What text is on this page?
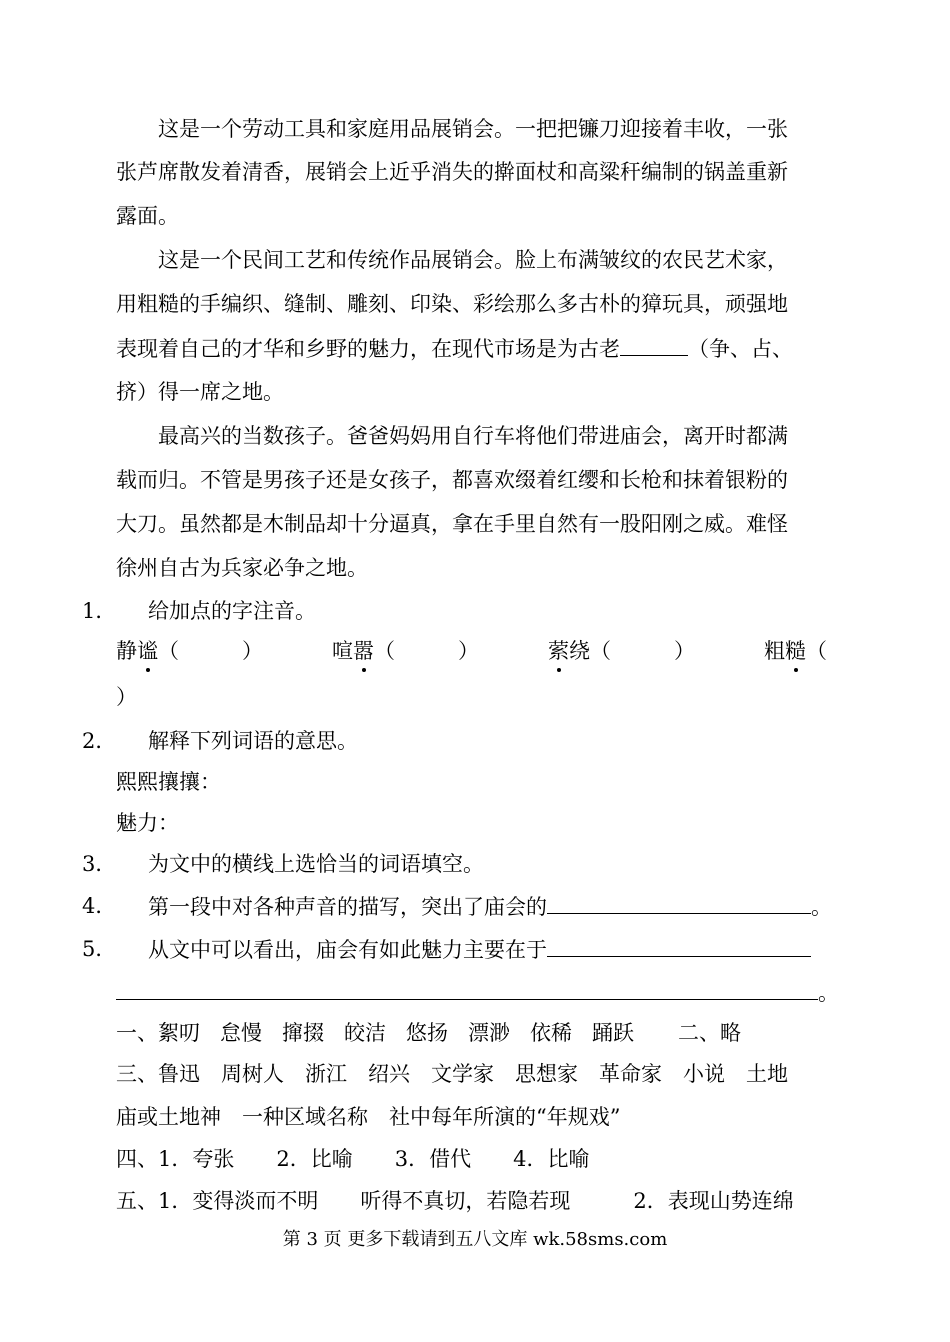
这是一个劳动工具和家庭用品展销会。一把把镰刀迎接着丰收，一张
张芦席散发着清香，展销会上近乎消失的擀面杖和高粱秆编制的锅盖重新
露面。
这是一个民间工艺和传统作品展销会。脸上布满皱纹的农民艺术家，
用粗糙的手编织、缝制、雕刻、印染、彩绘那么多古朴的獐玩具，顽强地
表现着自己的才华和乡野的魅力，在现代市场是为古老	（争、占、
挤）得一席之地。
最高兴的当数孩子。爸爸妈妈用自行车将他们带进庙会，离开时都满
载而归。不管是男孩子还是女孩子，都喜欢缀着红缨和长枪和抹着银粉的
大刀。虽然都是木制品却十分逼真，拿在手里自然有一股阳刚之威。难怪
徐州自古为兵家必争之地。
1． 给加点的字注音。
静谧（　　　）	喧嚣（　　　）	萦绕（　　　）	粗糙（
）
2． 解释下列词语的意思。
熙熙攘攘：
魅力：
3． 为文中的横线上选恰当的词语填空。
4． 第一段中对各种声音的描写，突出了庙会的	。
5． 从文中可以看出，庙会有如此魅力主要在于
。
一、絮叨 怠慢 撺掇 皎洁 悠扬 漂渺 依稀 踊跃 二、略
三、鲁迅 周树人 浙江 绍兴 文学家 思想家 革命家 小说 土地
庙或土地神　一种区域名称　社中每年所演的“年规戏”
四、1．夸张　　2．比喻　　3．借代　　4．比喻
五、1．变得淡而不明　　听得不真切，若隐若现　　　2．表现山势连绵
第 3 页 更多下载请到五八文库 wk.58sms.com
